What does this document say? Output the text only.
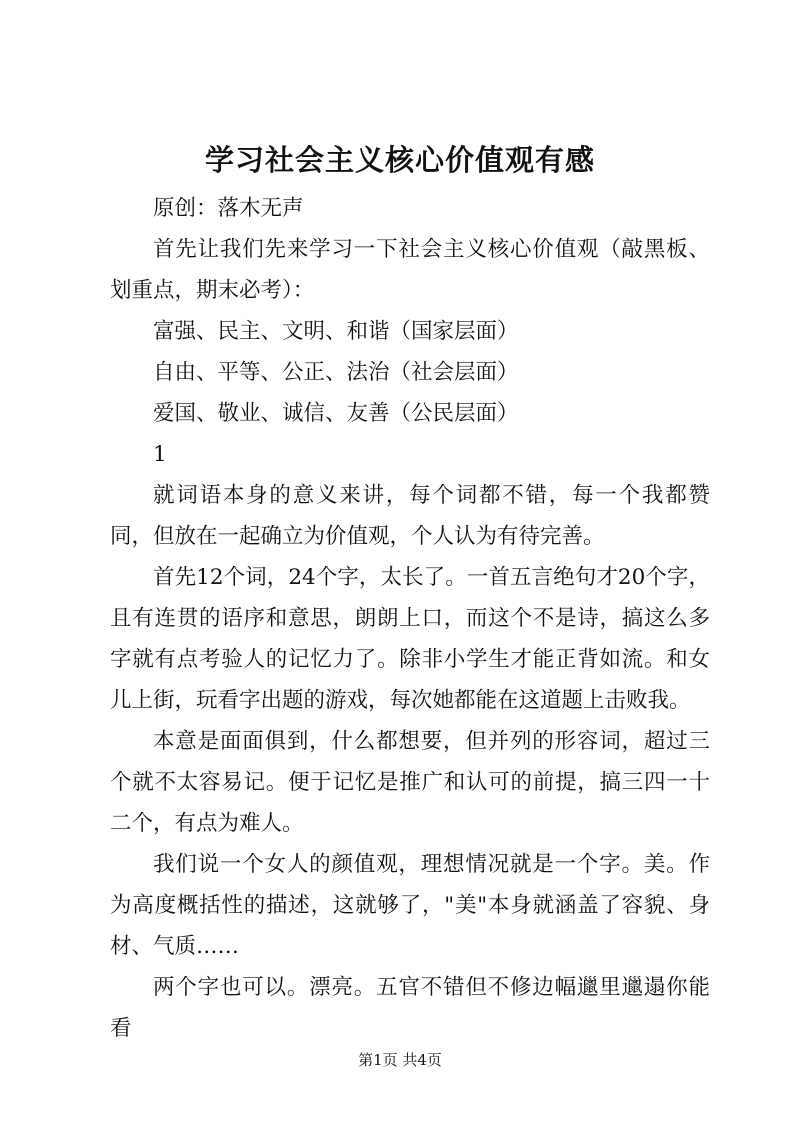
学习社会主义核心价值观有感

原创：落木无声

首先让我们先来学习一下社会主义核心价值观（敲黑板、划重点，期末必考）：

富强、民主、文明、和谐（国家层面）

自由、平等、公正、法治（社会层面）

爱国、敬业、诚信、友善（公民层面）

1

就词语本身的意义来讲，每个词都不错，每一个我都赞同，但放在一起确立为价值观，个人认为有待完善。

首先12个词，24个字，太长了。一首五言绝句才20个字，且有连贯的语序和意思，朗朗上口，而这个不是诗，搞这么多字就有点考验人的记忆力了。除非小学生才能正背如流。和女儿上街，玩看字出题的游戏，每次她都能在这道题上击败我。

本意是面面俱到，什么都想要，但并列的形容词，超过三个就不太容易记。便于记忆是推广和认可的前提，搞三四一十二个，有点为难人。

我们说一个女人的颜值观，理想情况就是一个字。美。作为高度概括性的描述，这就够了，"美"本身就涵盖了容貌、身材、气质……

两个字也可以。漂亮。五官不错但不修边幅邋里邋遢你能看

第1页 共4页
